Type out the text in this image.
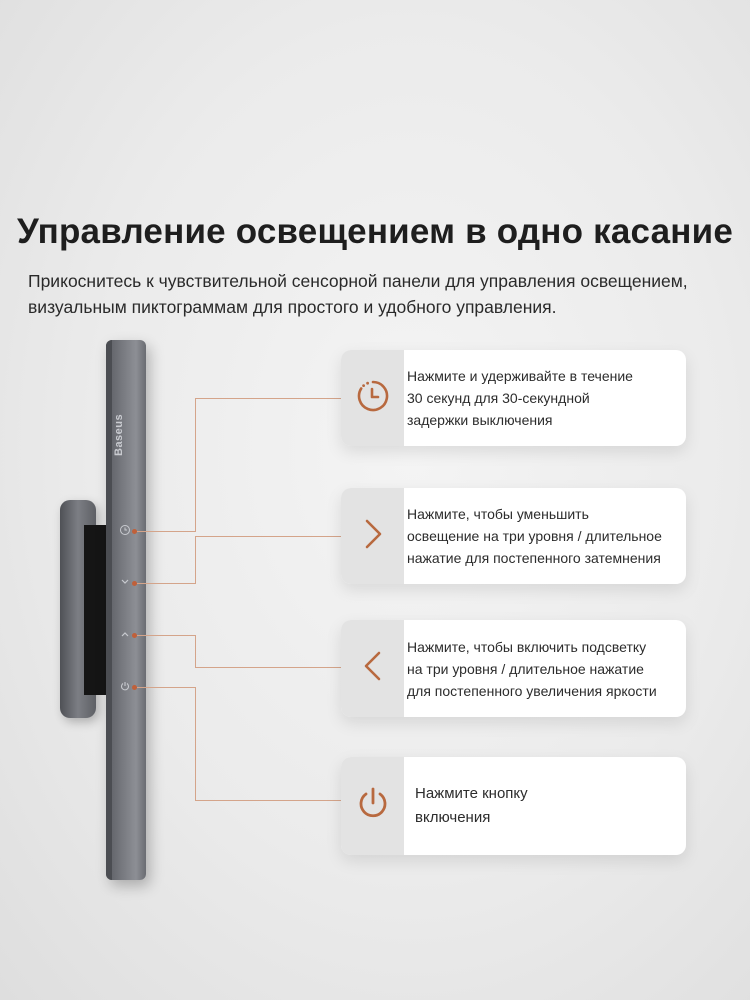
Управление освещением в одно касание
Прикоснитесь к чувствительной сенсорной панели для управления освещением,
визуальным пиктограммам для простого и удобного управления.
Baseus
Нажмите и удерживайте в течение
30 секунд для 30-секундной
задержки выключения
Нажмите, чтобы уменьшить
освещение на три уровня / длительное
нажатие для постепенного затемнения
Нажмите, чтобы включить подсветку
на три уровня / длительное нажатие
для постепенного увеличения яркости
Нажмите кнопку
включения
